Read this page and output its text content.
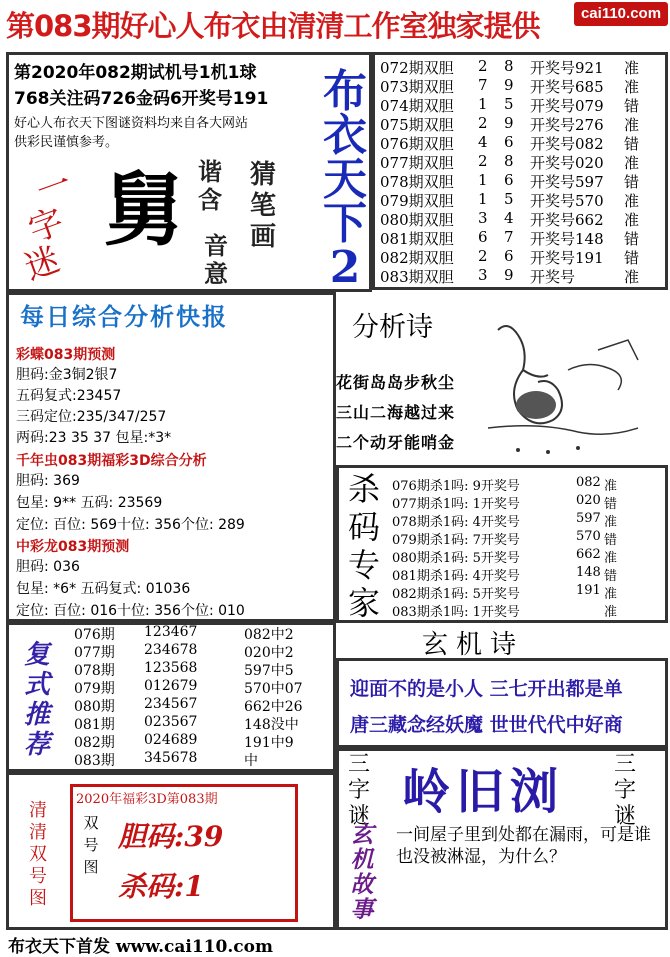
第083期好心人布衣由清清工作室独家提供	cai110.com
第2020年082期试机号1机1球
768关注码726金码6开奖号191
好心人布衣天下图谜资料均来自各大网站
供彩民谨慎参考。
一
字
迷
舅 谐含
音意
猜笔画
布
衣
天
下
2
072期双胆 2 8 开奖号921 准
073期双胆 7 9 开奖号685 准
074期双胆 1 5 开奖号079 错
075期双胆 2 9 开奖号276 准
076期双胆 4 6 开奖号082 错
077期双胆 2 8 开奖号020 准
078期双胆 1 6 开奖号597 错
079期双胆 1 5 开奖号570 准
080期双胆 3 4 开奖号662 准
081期双胆 6 7 开奖号148 错
082期双胆 2 6 开奖号191 错
083期双胆 3 9 开奖号	准
每日综合分析快报
彩蝶083期预测
胆码:金3铜2银7
五码复式:23457
三码定位:235/347/257
两码:23 35 37 包星:*3*
千年虫083期福彩3D综合分析
胆码: 369
包星: 9** 五码: 23569
定位: 百位: 569十位: 356个位: 289
中彩龙083期预测
胆码: 036
包星: *6* 五码复式: 01036
定位: 百位: 016十位: 356个位: 010
分析诗
花街岛岛步秋尘
三山二海越过来
二个动牙能哨金
杀
码
专
家
076期杀1吗: 9开奖号	082 准
077期杀1吗: 1开奖号	020 错
078期杀1码: 4开奖号	597 准
079期杀1码: 7开奖号	570 错
080期杀1码: 5开奖号	662 准
081期杀1码: 4开奖号	148 错
082期杀1码: 5开奖号	191 准
083期杀1吗: 1开奖号	准
复
式
推
荐
076期 123467	082中2
077期 234678	020中2
078期 123568	597中5
079期 012679	570中07
080期 234567	662中26
081期 023567	148没中
082期 024689	191中9
083期 345678	中
玄机诗
迎面不的是小人 三七开出都是单
唐三藏念经妖魔 世世代代中好商
清
清
双
号
图
2020年福彩3D第083期
双
号
图
胆码:39
杀码:1
三
字
谜
三
字
谜
岭旧浏
玄
机
故
事
一间屋子里到处都在漏雨，可是谁也没被淋湿，为什么？
布衣天下首发 www.cai110.com
